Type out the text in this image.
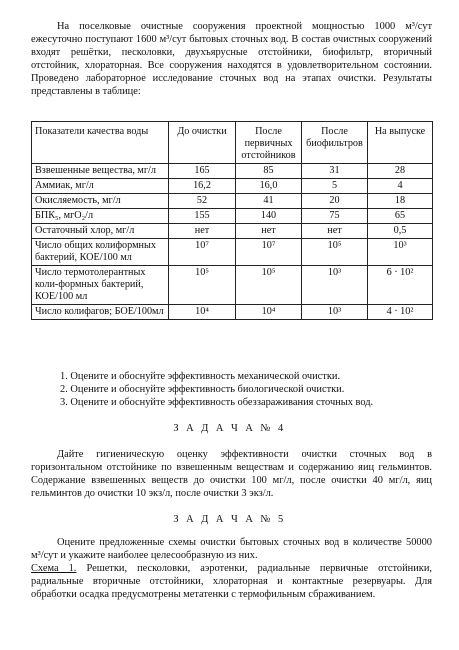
На поселковые очистные сооружения проектной мощностью 1000 м³/сут ежесуточно поступают 1600 м³/сут бытовых сточных вод. В состав очистных сооружений входят решётки, песколовки, двухъярусные отстойники, биофильтр, вторичный отстойник, хлораторная. Все сооружения находятся в удовлетворительном состоянии. Проведено лабораторное исследование сточных вод на этапах очистки. Результаты представлены в таблице:

Показатели качества воды	До очистки	После первичных отстойников	После биофильтров	На выпуске
Взвешенные вещества, мг/л	165	85	31	28
Аммиак, мг/л	16,2	16,0	5	4
Окисляемость, мг/л	52	41	20	18
БПК₅, мгО₂/л	155	140	75	65
Остаточный хлор, мг/л	нет	нет	нет	0,5
Число общих колиформных бактерий, КОЕ/100 мл	10⁷	10⁷	10⁵	10³
Число термотолерантных коли-формных бактерий, КОЕ/100 мл	10⁵	10⁵	10³	6 · 10²
Число колифагов; БОЕ/100мл	10⁴	10⁴	10³	4 · 10²
1. Оцените и обоснуйте эффективность механической очистки.
2. Оцените и обоснуйте эффективность биологической очистки.
3. Оцените и обоснуйте эффективность обеззараживания сточных вод.
З А Д А Ч А № 4

Дайте гигиеническую оценку эффективности очистки сточных вод в горизонтальном отстойнике по взвешенным веществам и содержанию яиц гельминтов. Содержание взвешенных веществ до очистки 100 мг/л, после очистки 40 мг/л, яиц гельминтов до очистки 10 экз/л, после очистки 3 экз/л.

З А Д А Ч А № 5

Оцените предложенные схемы очистки бытовых сточных вод в количестве 50000 м³/сут и укажите наиболее целесообразную из них.

Схема 1. Решетки, песколовки, аэротенки, радиальные первичные отстойники, радиальные вторичные отстойники, хлораторная и контактные резервуары. Для обработки осадка предусмотрены метатенки с термофильным сбраживанием.
